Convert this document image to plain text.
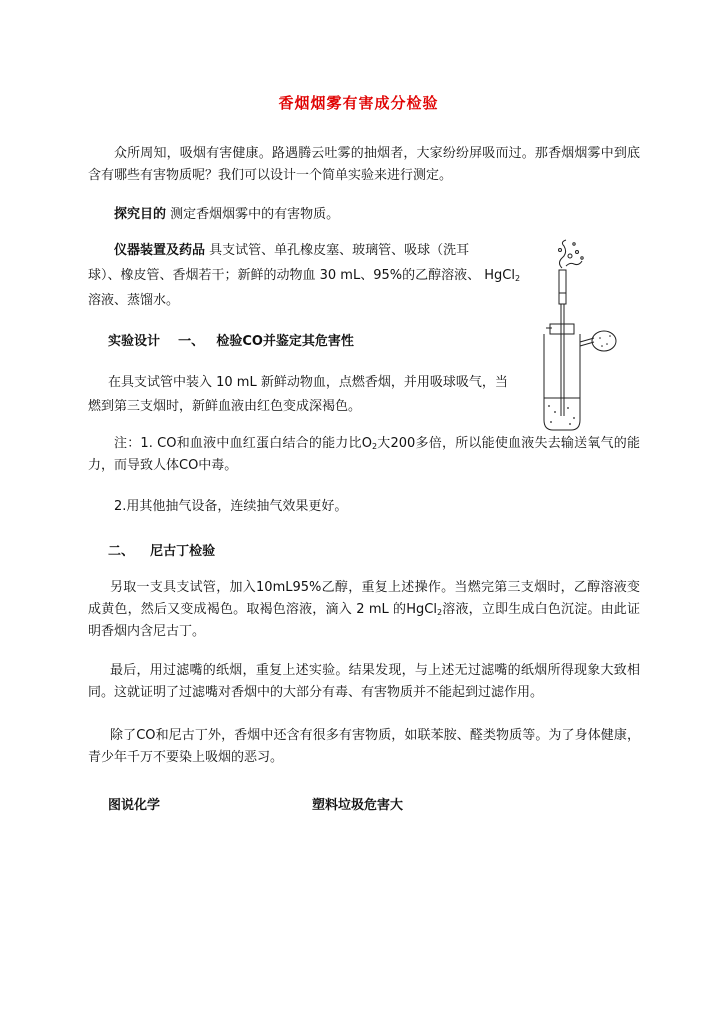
香烟烟雾有害成分检验

众所周知，吸烟有害健康。路遇腾云吐雾的抽烟者，大家纷纷屏吸而过。那香烟烟雾中到底含有哪些有害物质呢？我们可以设计一个简单实验来进行测定。

探究目的 测定香烟烟雾中的有害物质。

仪器装置及药品 具支试管、单孔橡皮塞、玻璃管、吸球（洗耳
球）、橡皮管、香烟若干；新鲜的动物血 30 mL、95%的乙醇溶液、 HgCl$_2$
溶液、蒸馏水。
实验设计 一、 检验CO并鉴定其危害性
在具支试管中装入 10 mL 新鲜动物血，点燃香烟，并用吸球吸气，当
燃到第三支烟时，新鲜血液由红色变成深褐色。

注：1. CO和血液中血红蛋白结合的能力比$O_2$大200多倍，所以能使血液失去输送氧气的能力，而导致人体CO中毒。

2.用其他抽气设备，连续抽气效果更好。

二、 尼古丁检验

另取一支具支试管，加入10mL95%乙醇，重复上述操作。当燃完第三支烟时，乙醇溶液变成黄色，然后又变成褐色。取褐色溶液，滴入 2 mL 的HgCl$_2$溶液，立即生成白色沉淀。由此证明香烟内含尼古丁。

最后，用过滤嘴的纸烟，重复上述实验。结果发现，与上述无过滤嘴的纸烟所得现象大致相同。这就证明了过滤嘴对香烟中的大部分有毒、有害物质并不能起到过滤作用。

除了CO和尼古丁外，香烟中还含有很多有害物质，如联苯胺、醛类物质等。为了身体健康，青少年千万不要染上吸烟的恶习。

图说化学	塑料垃圾危害大
